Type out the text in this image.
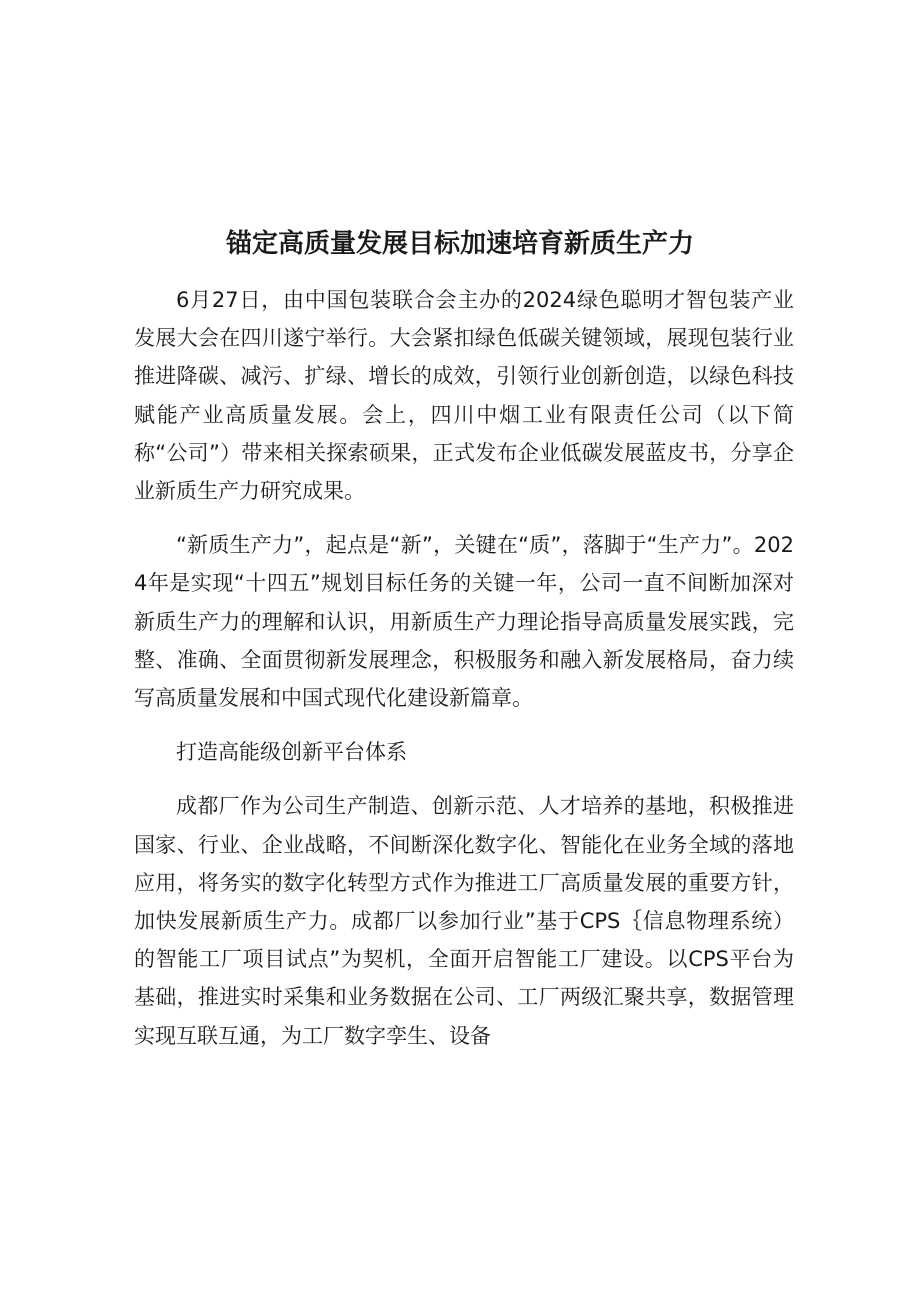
锚定高质量发展目标加速培育新质生产力

6月27日，由中国包装联合会主办的2024绿色聪明才智包装产业发展大会在四川遂宁举行。大会紧扣绿色低碳关键领域，展现包装行业推进降碳、减污、扩绿、增长的成效，引领行业创新创造，以绿色科技赋能产业高质量发展。会上，四川中烟工业有限责任公司（以下简称“公司”）带来相关探索硕果，正式发布企业低碳发展蓝皮书，分享企业新质生产力研究成果。

“新质生产力”，起点是“新”，关键在“质”，落脚于“生产力”。2024年是实现“十四五”规划目标任务的关键一年，公司一直不间断加深对新质生产力的理解和认识，用新质生产力理论指导高质量发展实践，完整、准确、全面贯彻新发展理念，积极服务和融入新发展格局，奋力续写高质量发展和中国式现代化建设新篇章。

打造高能级创新平台体系

成都厂作为公司生产制造、创新示范、人才培养的基地，积极推进国家、行业、企业战略，不间断深化数字化、智能化在业务全域的落地应用，将务实的数字化转型方式作为推进工厂高质量发展的重要方针，加快发展新质生产力。成都厂以参加行业”基于CPS｛信息物理系统）的智能工厂项目试点”为契机，全面开启智能工厂建设。以CPS平台为基础，推进实时采集和业务数据在公司、工厂两级汇聚共享，数据管理实现互联互通，为工厂数字孪生、设备
